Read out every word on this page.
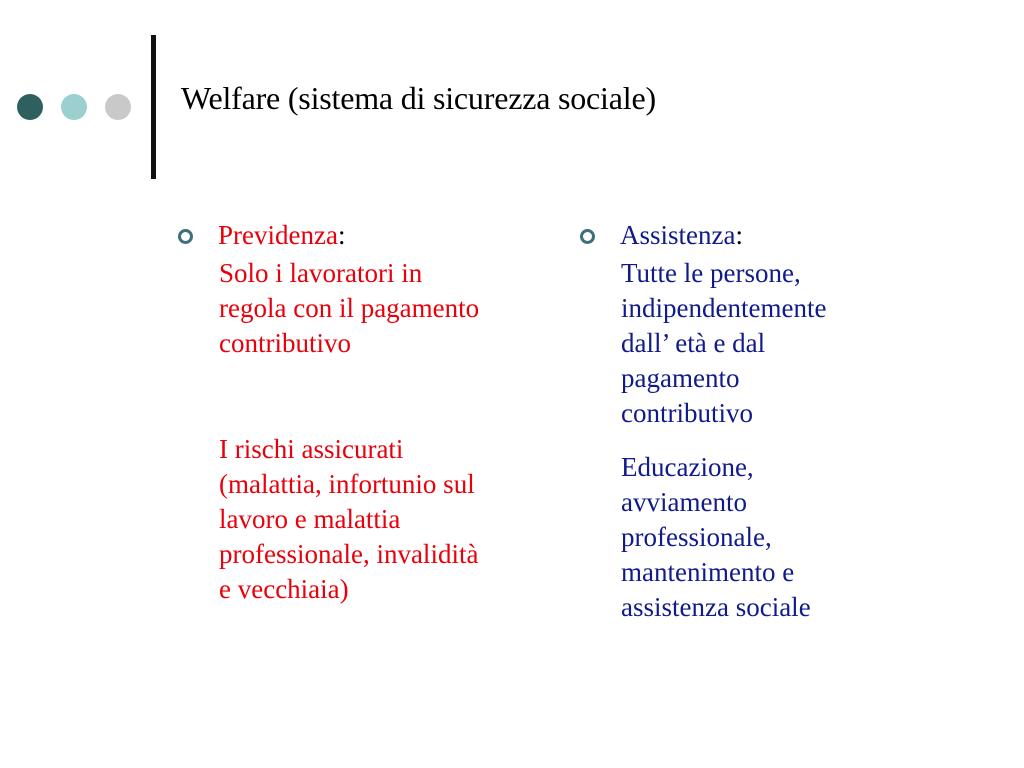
Welfare (sistema di sicurezza sociale)
Previdenza:
Solo i lavoratori in
regola con il pagamento
contributivo
I rischi assicurati
(malattia, infortunio sul
lavoro e malattia
professionale, invalidità
e vecchiaia)
Assistenza:
Tutte le persone,
indipendentemente
dall’ età e dal
pagamento
contributivo
Educazione,
avviamento
professionale,
mantenimento e
assistenza sociale
